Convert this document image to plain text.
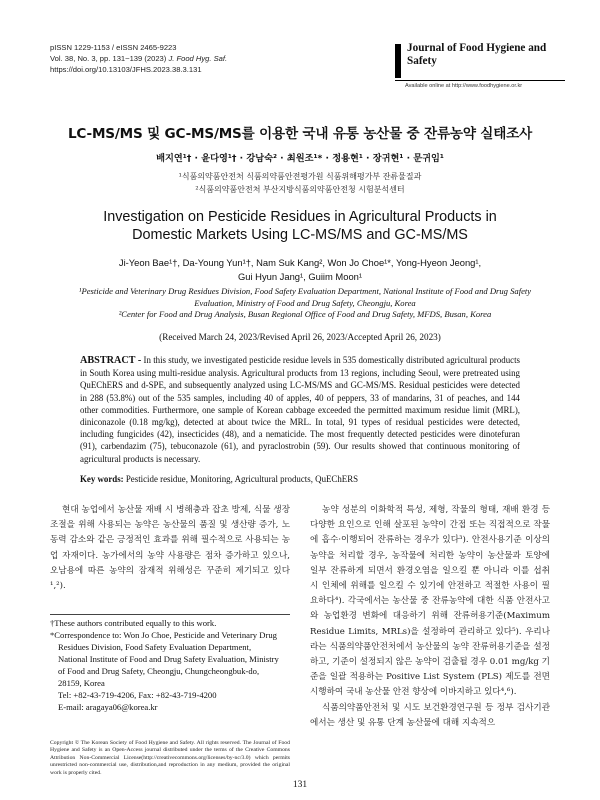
pISSN 1229-1153 / eISSN 2465-9223
Vol. 38, No. 3, pp. 131~139 (2023) J. Food Hyg. Saf.
https://doi.org/10.13103/JFHS.2023.38.3.131
Journal of Food Hygiene and Safety
Available online at http://www.foodhygiene.or.kr
LC-MS/MS 및 GC-MS/MS를 이용한 국내 유통 농산물 중 잔류농약 실태조사
배지연¹† · 윤다영¹† · 강남숙² · 최원조¹* · 정용현¹ · 장귀현¹ · 문귀임¹
¹식품의약품안전처 식품의약품안전평가원 식품위해평가부 잔류물질과
²식품의약품안전처 부산지방식품의약품안전청 시험분석센터
Investigation on Pesticide Residues in Agricultural Products in
Domestic Markets Using LC-MS/MS and GC-MS/MS
Ji-Yeon Bae¹†, Da-Young Yun¹†, Nam Suk Kang², Won Jo Choe¹*, Yong-Hyeon Jeong¹,
Gui Hyun Jang¹, Guiim Moon¹

¹Pesticide and Veterinary Drug Residues Division, Food Safety Evaluation Department, National Institute of Food and Drug Safety Evaluation, Ministry of Food and Drug Safety, Cheongju, Korea

²Center for Food and Drug Analysis, Busan Regional Office of Food and Drug Safety, MFDS, Busan, Korea

(Received March 24, 2023/Revised April 26, 2023/Accepted April 26, 2023)
ABSTRACT - In this study, we investigated pesticide residue levels in 535 domestically distributed agricultural products in South Korea using multi-residue analysis. Agricultural products from 13 regions, including Seoul, were pretreated using QuEChERS and d-SPE, and subsequently analyzed using LC-MS/MS and GC-MS/MS. Residual pesticides were detected in 288 (53.8%) out of the 535 samples, including 40 of apples, 40 of peppers, 33 of mandarins, 31 of peaches, and 144 other commodities. Furthermore, one sample of Korean cabbage exceeded the permitted maximum residue limit (MRL), diniconazole (0.18 mg/kg), detected at about twice the MRL. In total, 91 types of residual pesticides were detected, including fungicides (42), insecticides (48), and a nematicide. The most frequently detected pesticides were dinotefuran (91), carbendazim (75), tebuconazole (61), and pyraclostrobin (59). Our results showed that continuous monitoring of agricultural products is necessary.
Key words: Pesticide residue, Monitoring, Agricultural products, QuEChERS
현대 농업에서 농산물 재배 시 병해충과 잡초 방제, 식물 생장 조절을 위해 사용되는 농약은 농산물의 품질 및 생산량 증가, 노동력 감소와 같은 긍정적인 효과를 위해 필수적으로 사용되는 농업 자재이다. 농가에서의 농약 사용량은 점차 증가하고 있으나, 오남용에 따른 농약의 잠재적 위해성은 꾸준히 제기되고 있다¹,²).

농약 성분의 이화학적 특성, 제형, 작물의 형태, 재배 환경 등 다양한 요인으로 인해 살포된 농약이 간접 또는 직접적으로 작물에 흡수·이행되어 잔류하는 경우가 있다³). 안전사용기준 이상의 농약을 처리할 경우, 농작물에 처리한 농약이 농산물과 토양에 일부 잔류하게 되면서 환경오염을 일으킬 뿐 아니라 이를 섭취 시 인체에 위해를 일으킬 수 있기에 안전하고 적절한 사용이 필요하다⁴). 각국에서는 농산물 중 잔류농약에 대한 식품 안전사고와 농업환경 변화에 대응하기 위해 잔류허용기준(Maximum Residue Limits, MRLs)을 설정하여 관리하고 있다⁵). 우리나라는 식품의약품안전처에서 농산물의 농약 잔류허용기준을 설정하고, 기준이 설정되지 않은 농약이 검출될 경우 0.01 mg/kg 기준을 일괄 적용하는 Positive List System (PLS) 제도를 전면 시행하여 국내 농산물 안전 향상에 이바지하고 있다⁴,⁶).

식품의약품안전처 및 시도 보건환경연구원 등 정부 검사기관에서는 생산 및 유통 단계 농산물에 대해 지속적으

†These authors contributed equally to this work.

*Correspondence to: Won Jo Choe, Pesticide and Veterinary Drug

Residues Division, Food Safety Evaluation Department,

National Institute of Food and Drug Safety Evaluation, Ministry

of Food and Drug Safety, Cheongju, Chungcheongbuk-do,

28159, Korea

Tel: +82-43-719-4206, Fax: +82-43-719-4200

E-mail: aragaya06@korea.kr

Copyright © The Korean Society of Food Hygiene and Safety. All rights reserved. The Journal of Food Hygiene and Safety is an Open-Access journal distributed under the terms of the Creative Commons Attribution Non-Commercial License(http://creativecommons.org/licenses/by-nc/3.0) which permits unrestricted non-commercial use, distribution,and reproduction in any medium, provided the original work is properly cited.
131
